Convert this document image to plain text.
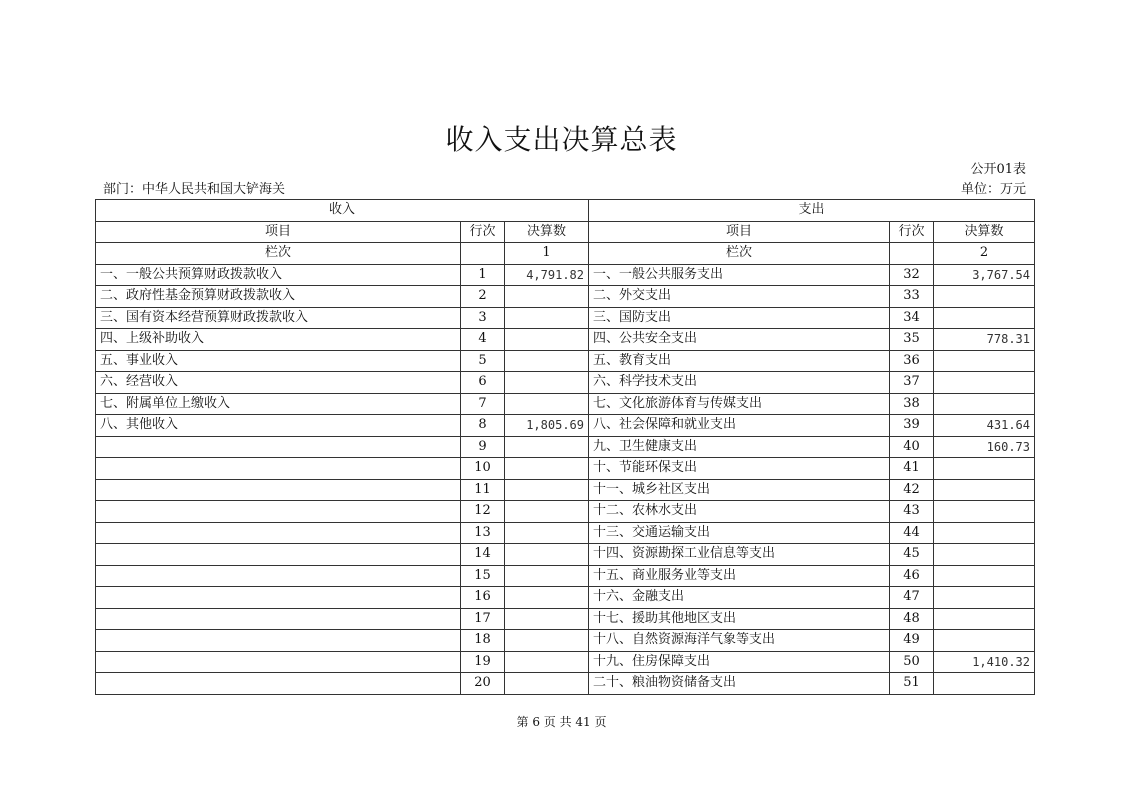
收入支出决算总表
公开01表
部门：中华人民共和国大铲海关	单位：万元
收入			支出		
项目	行次	决算数	项目	行次	决算数
栏次		1	栏次		2
一、一般公共预算财政拨款收入	1	4,791.82	一、一般公共服务支出	32	3,767.54
二、政府性基金预算财政拨款收入	2		二、外交支出	33	
三、国有资本经营预算财政拨款收入	3		三、国防支出	34	
四、上级补助收入	4		四、公共安全支出	35	778.31
五、事业收入	5		五、教育支出	36	
六、经营收入	6		六、科学技术支出	37	
七、附属单位上缴收入	7		七、文化旅游体育与传媒支出	38	
八、其他收入	8	1,805.69	八、社会保障和就业支出	39	431.64
	9		九、卫生健康支出	40	160.73
	10		十、节能环保支出	41	
	11		十一、城乡社区支出	42	
	12		十二、农林水支出	43	
	13		十三、交通运输支出	44	
	14		十四、资源勘探工业信息等支出	45	
	15		十五、商业服务业等支出	46	
	16		十六、金融支出	47	
	17		十七、援助其他地区支出	48	
	18		十八、自然资源海洋气象等支出	49	
	19		十九、住房保障支出	50	1,410.32
	20		二十、粮油物资储备支出	51	
第 6 页 共 41 页
